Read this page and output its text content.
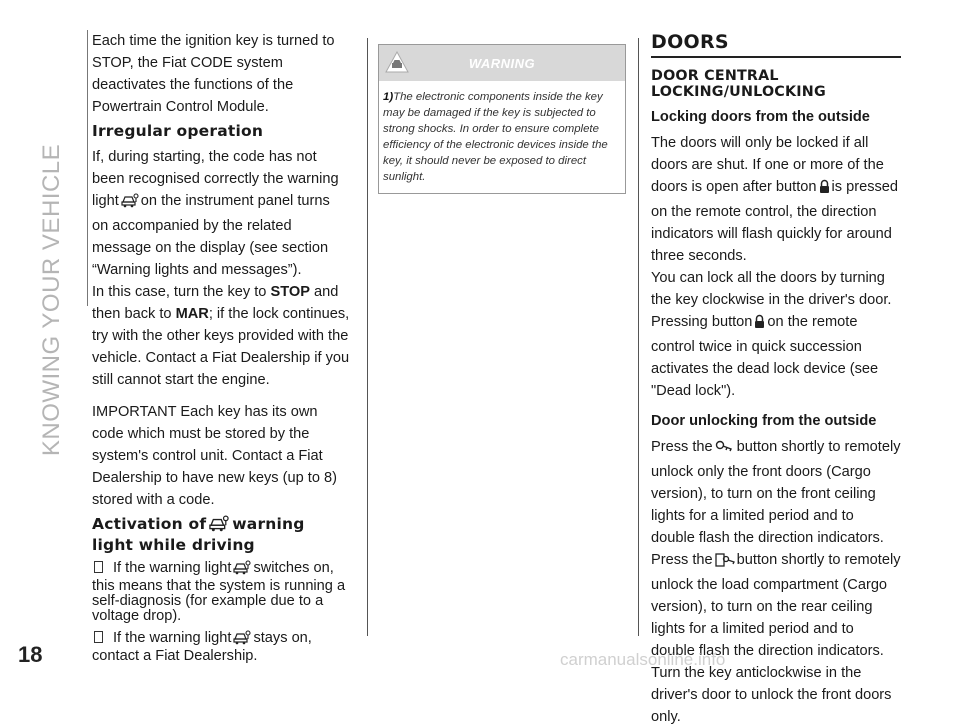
KNOWING YOUR VEHICLE

Each time the ignition key is turned to STOP, the Fiat CODE system deactivates the functions of the Powertrain Control Module.

Irregular operation

If, during starting, the code has not been recognised correctly the warning light on the instrument panel turns on accompanied by the related message on the display (see section “Warning lights and messages”).

In this case, turn the key to STOP and then back to MAR; if the lock continues, try with the other keys provided with the vehicle. Contact a Fiat Dealership if you still cannot start the engine.

IMPORTANT Each key has its own code which must be stored by the system's control unit. Contact a Fiat Dealership to have new keys (up to 8) stored with a code.

Activation of warning light while driving
If the warning light switches on, this means that the system is running a self-diagnosis (for example due to a voltage drop).
If the warning light stays on, contact a Fiat Dealership.
WARNING
1)The electronic components inside the key may be damaged if the key is subjected to strong shocks. In order to ensure complete efficiency of the electronic devices inside the key, it should never be exposed to direct sunlight.
DOORS
DOOR CENTRAL LOCKING/UNLOCKING
Locking doors from the outside

The doors will only be locked if all doors are shut. If one or more of the doors is open after button is pressed on the remote control, the direction indicators will flash quickly for around three seconds.

You can lock all the doors by turning the key clockwise in the driver's door.

Pressing button on the remote control twice in quick succession activates the dead lock device (see "Dead lock").

Door unlocking from the outside

Press the button shortly to remotely unlock only the front doors (Cargo version), to turn on the front ceiling lights for a limited period and to double flash the direction indicators.

Press the button shortly to remotely unlock the load compartment (Cargo version), to turn on the rear ceiling lights for a limited period and to double flash the direction indicators. Turn the key anticlockwise in the driver's door to unlock the front doors only.

18	carmanualsonline.info
